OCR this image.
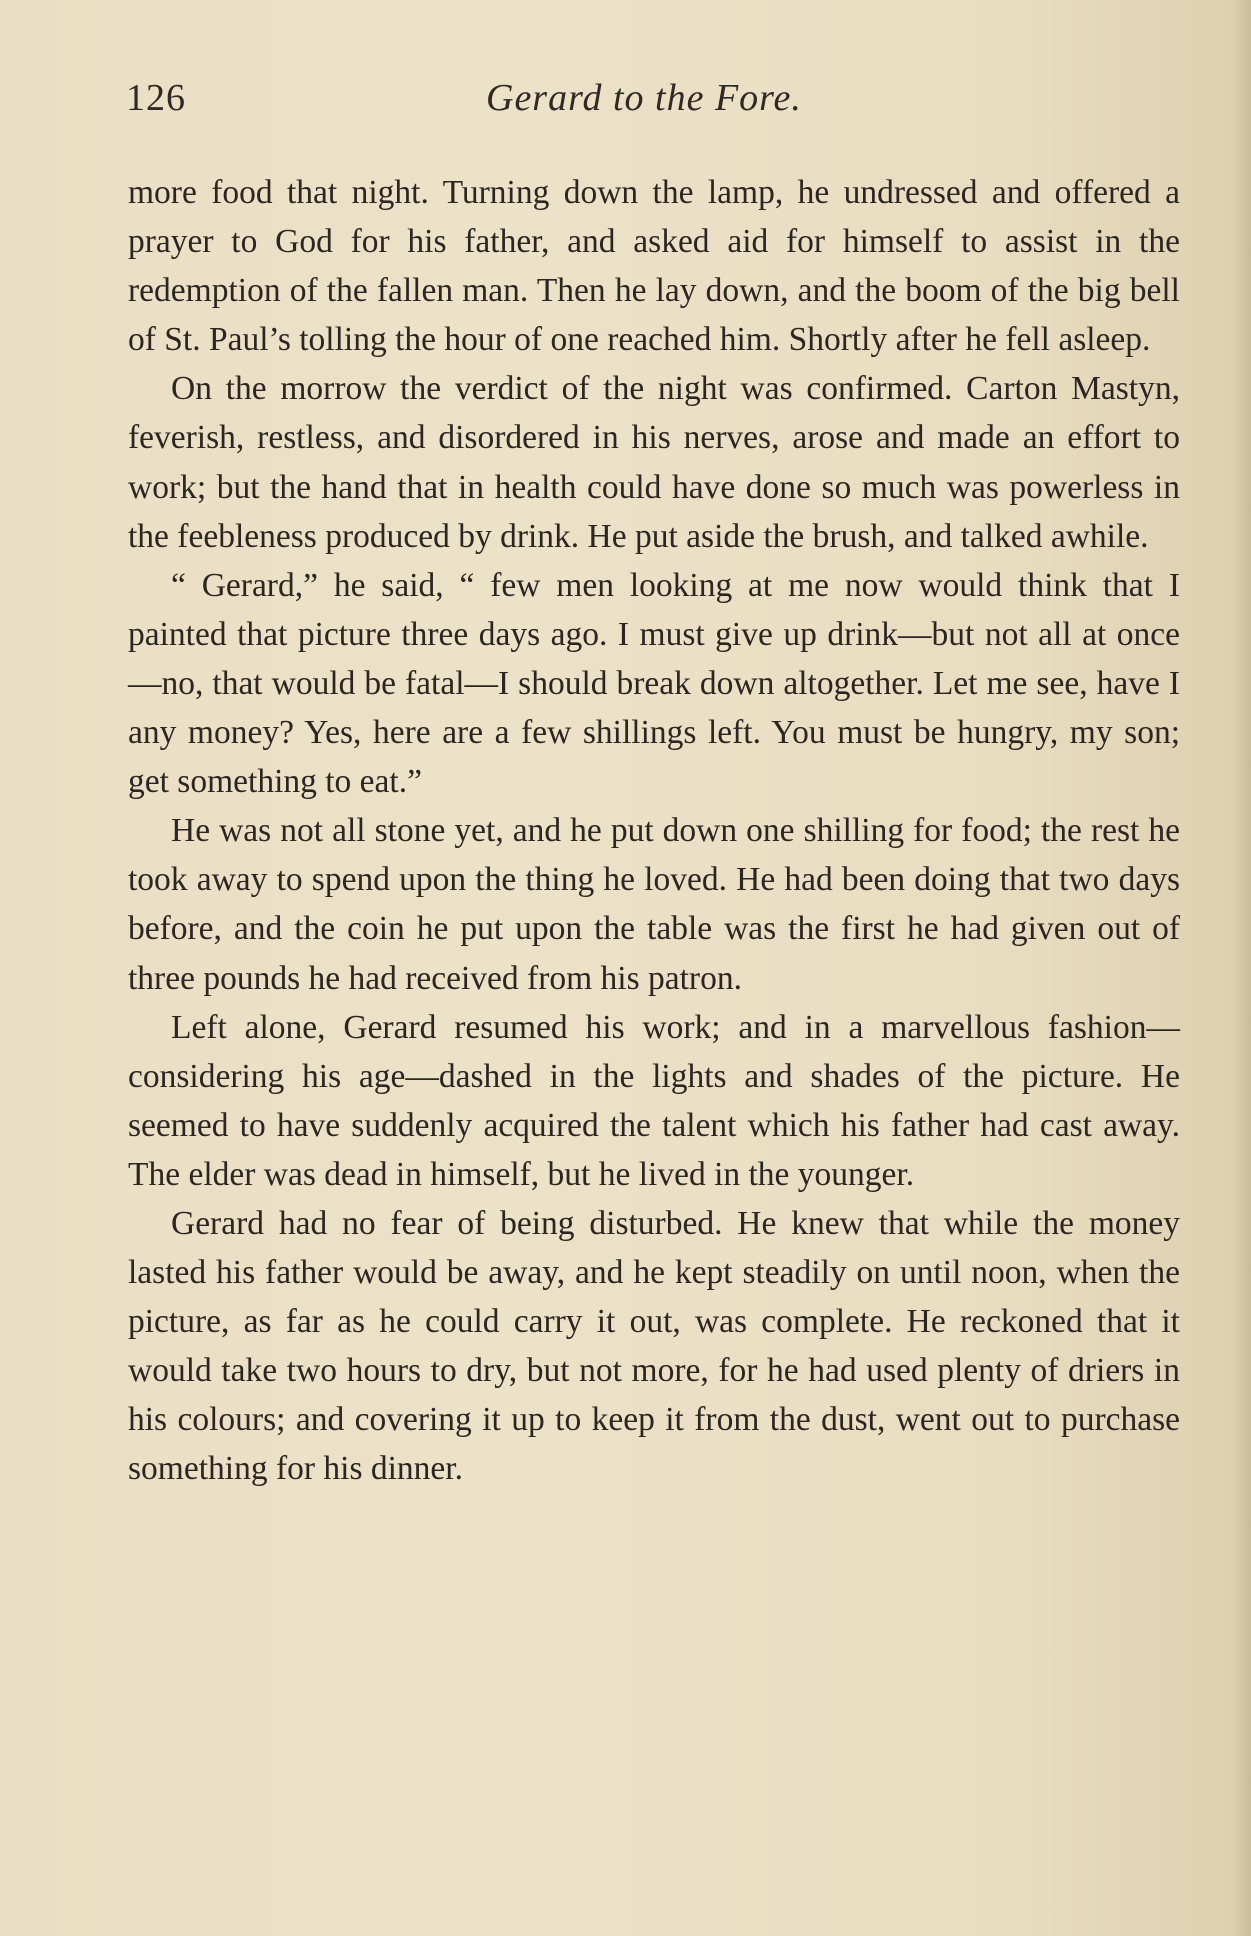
126	Gerard to the Fore.

more food that night. Turning down the lamp, he undressed and offered a prayer to God for his father, and asked aid for himself to assist in the redemption of the fallen man. Then he lay down, and the boom of the big bell of St. Paul’s tolling the hour of one reached him. Shortly after he fell asleep.

On the morrow the verdict of the night was confirmed. Carton Mastyn, feverish, restless, and disordered in his nerves, arose and made an effort to work; but the hand that in health could have done so much was powerless in the feebleness produced by drink. He put aside the brush, and talked awhile.

“ Gerard,” he said, “ few men looking at me now would think that I painted that picture three days ago. I must give up drink—but not all at once—no, that would be fatal—I should break down altogether. Let me see, have I any money? Yes, here are a few shillings left. You must be hungry, my son; get something to eat.”

He was not all stone yet, and he put down one shilling for food; the rest he took away to spend upon the thing he loved. He had been doing that two days before, and the coin he put upon the table was the first he had given out of three pounds he had received from his patron.

Left alone, Gerard resumed his work; and in a marvellous fashion—considering his age—dashed in the lights and shades of the picture. He seemed to have suddenly acquired the talent which his father had cast away. The elder was dead in himself, but he lived in the younger.

Gerard had no fear of being disturbed. He knew that while the money lasted his father would be away, and he kept steadily on until noon, when the picture, as far as he could carry it out, was complete. He reckoned that it would take two hours to dry, but not more, for he had used plenty of driers in his colours; and covering it up to keep it from the dust, went out to purchase something for his dinner.
